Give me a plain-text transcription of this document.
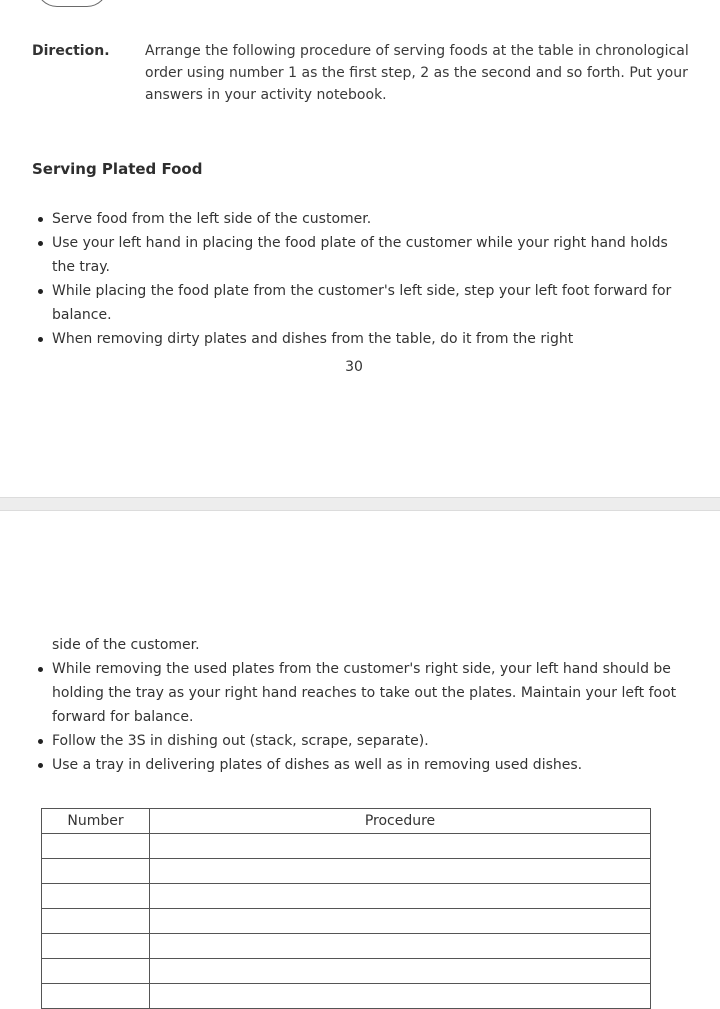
Direction.	Arrange the following procedure of serving foods at the table in chronological order using number 1 as the first step, 2 as the second and so forth. Put your answers in your activity notebook.
Serving Plated Food
Serve food from the left side of the customer.
Use your left hand in placing the food plate of the customer while your right hand holds the tray.
While placing the food plate from the customer's left side, step your left foot forward for balance.
When removing dirty plates and dishes from the table, do it from the right
30
side of the customer.
While removing the used plates from the customer's right side, your left hand should be holding the tray as your right hand reaches to take out the plates. Maintain your left foot forward for balance.
Follow the 3S in dishing out (stack, scrape, separate).
Use a tray in delivering plates of dishes as well as in removing used dishes.
Number	Procedure
